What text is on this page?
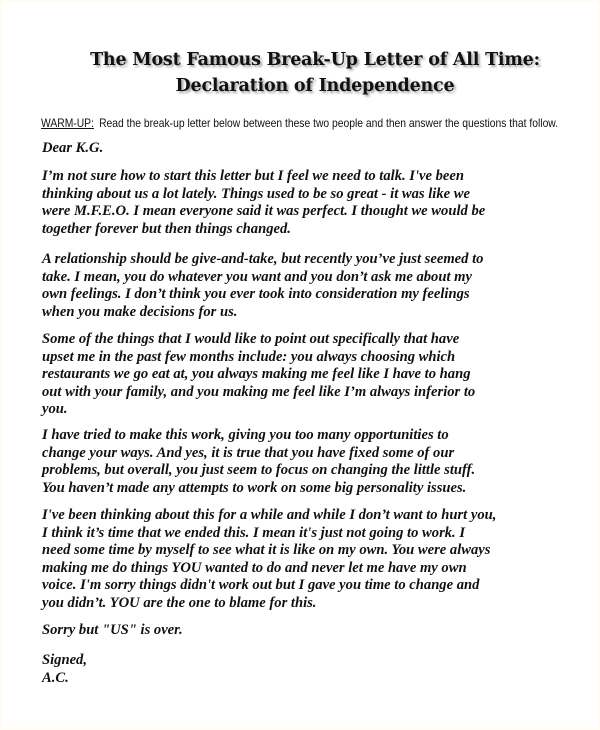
The Most Famous Break-Up Letter of All Time:
Declaration of Independence
WARM-UP: Read the break-up letter below between these two people and then answer the questions that follow.
Dear K.G.
I’m not sure how to start this letter but I feel we need to talk. I've been
thinking about us a lot lately. Things used to be so great - it was like we
were M.F.E.O. I mean everyone said it was perfect. I thought we would be
together forever but then things changed.
A relationship should be give-and-take, but recently you’ve just seemed to
take. I mean, you do whatever you want and you don’t ask me about my
own feelings. I don’t think you ever took into consideration my feelings
when you make decisions for us.
Some of the things that I would like to point out specifically that have
upset me in the past few months include: you always choosing which
restaurants we go eat at, you always making me feel like I have to hang
out with your family, and you making me feel like I’m always inferior to
you.
I have tried to make this work, giving you too many opportunities to
change your ways. And yes, it is true that you have fixed some of our
problems, but overall, you just seem to focus on changing the little stuff.
You haven’t made any attempts to work on some big personality issues.
I've been thinking about this for a while and while I don’t want to hurt you,
I think it’s time that we ended this. I mean it's just not going to work. I
need some time by myself to see what it is like on my own. You were always
making me do things YOU wanted to do and never let me have my own
voice. I'm sorry things didn't work out but I gave you time to change and
you didn’t. YOU are the one to blame for this.
Sorry but "US" is over.
Signed,
A.C.
